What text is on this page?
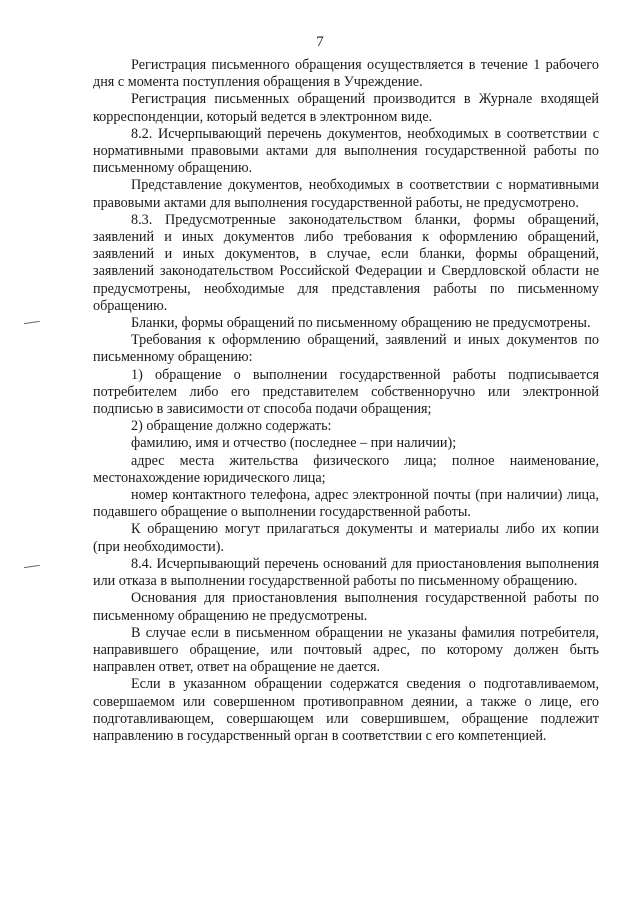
7

Регистрация письменного обращения осуществляется в течение 1 рабочего дня с момента поступления обращения в Учреждение.

Регистрация письменных обращений производится в Журнале входящей корреспонденции, который ведется в электронном виде.

8.2. Исчерпывающий перечень документов, необходимых в соответствии с нормативными правовыми актами для выполнения государственной работы по письменному обращению.

Представление документов, необходимых в соответствии с нормативными правовыми актами для выполнения государственной работы, не предусмотрено.

8.3. Предусмотренные законодательством бланки, формы обращений, заявлений и иных документов либо требования к оформлению обращений, заявлений и иных документов, в случае, если бланки, формы обращений, заявлений законодательством Российской Федерации и Свердловской области не предусмотрены, необходимые для представления работы по письменному обращению.

Бланки, формы обращений по письменному обращению не предусмотрены.

Требования к оформлению обращений, заявлений и иных документов по письменному обращению:

1) обращение о выполнении государственной работы подписывается потребителем либо его представителем собственноручно или электронной подписью в зависимости от способа подачи обращения;

2) обращение должно содержать:

фамилию, имя и отчество (последнее – при наличии);

адрес места жительства физического лица; полное наименование, местонахождение юридического лица;

номер контактного телефона, адрес электронной почты (при наличии) лица, подавшего обращение о выполнении государственной работы.

К обращению могут прилагаться документы и материалы либо их копии (при необходимости).

8.4. Исчерпывающий перечень оснований для приостановления выполнения или отказа в выполнении государственной работы по письменному обращению.

Основания для приостановления выполнения государственной работы по письменному обращению не предусмотрены.

В случае если в письменном обращении не указаны фамилия потребителя, направившего обращение, или почтовый адрес, по которому должен быть направлен ответ, ответ на обращение не дается.

Если в указанном обращении содержатся сведения о подготавливаемом, совершаемом или совершенном противоправном деянии, а также о лице, его подготавливающем, совершающем или совершившем, обращение подлежит направлению в государственный орган в соответствии с его компетенцией.
